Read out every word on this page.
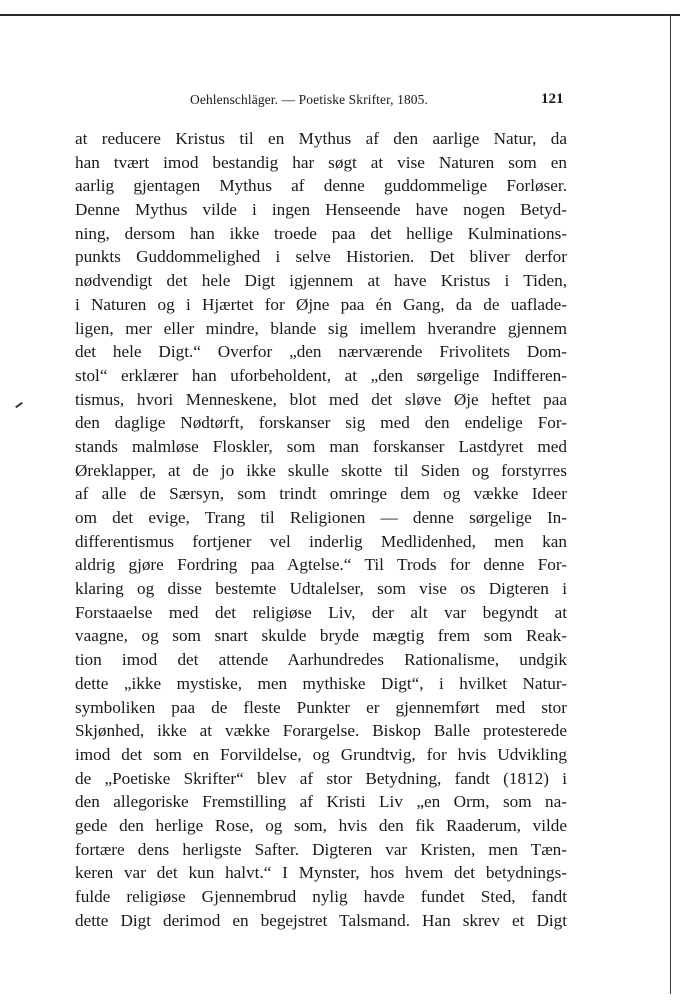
Oehlenschläger. — Poetiske Skrifter, 1805.	121
at reducere Kristus til en Mythus af den aarlige Natur, da
han tvært imod bestandig har søgt at vise Naturen som en
aarlig gjentagen Mythus af denne guddommelige Forløser.
Denne Mythus vilde i ingen Henseende have nogen Betyd-
ning, dersom han ikke troede paa det hellige Kulminations-
punkts Guddommelighed i selve Historien. Det bliver derfor
nødvendigt det hele Digt igjennem at have Kristus i Tiden,
i Naturen og i Hjærtet for Øjne paa én Gang, da de uaflade-
ligen, mer eller mindre, blande sig imellem hverandre gjennem
det hele Digt.“ Overfor „den nærværende Frivolitets Dom-
stol“ erklærer han uforbeholdent, at „den sørgelige Indifferen-
tismus, hvori Menneskene, blot med det sløve Øje heftet paa
den daglige Nødtørft, forskanser sig med den endelige For-
stands malmløse Floskler, som man forskanser Lastdyret med
Øreklapper, at de jo ikke skulle skotte til Siden og forstyrres
af alle de Særsyn, som trindt omringe dem og vække Ideer
om det evige, Trang til Religionen — denne sørgelige In-
differentismus fortjener vel inderlig Medlidenhed, men kan
aldrig gjøre Fordring paa Agtelse.“ Til Trods for denne For-
klaring og disse bestemte Udtalelser, som vise os Digteren i
Forstaaelse med det religiøse Liv, der alt var begyndt at
vaagne, og som snart skulde bryde mægtig frem som Reak-
tion imod det attende Aarhundredes Rationalisme, undgik
dette „ikke mystiske, men mythiske Digt“, i hvilket Natur-
symboliken paa de fleste Punkter er gjennemført med stor
Skjønhed, ikke at vække Forargelse. Biskop Balle protesterede
imod det som en Forvildelse, og Grundtvig, for hvis Udvikling
de „Poetiske Skrifter“ blev af stor Betydning, fandt (1812) i
den allegoriske Fremstilling af Kristi Liv „en Orm, som na-
gede den herlige Rose, og som, hvis den fik Raaderum, vilde
fortære dens herligste Safter. Digteren var Kristen, men Tæn-
keren var det kun halvt.“ I Mynster, hos hvem det betydnings-
fulde religiøse Gjennembrud nylig havde fundet Sted, fandt
dette Digt derimod en begejstret Talsmand. Han skrev et Digt
